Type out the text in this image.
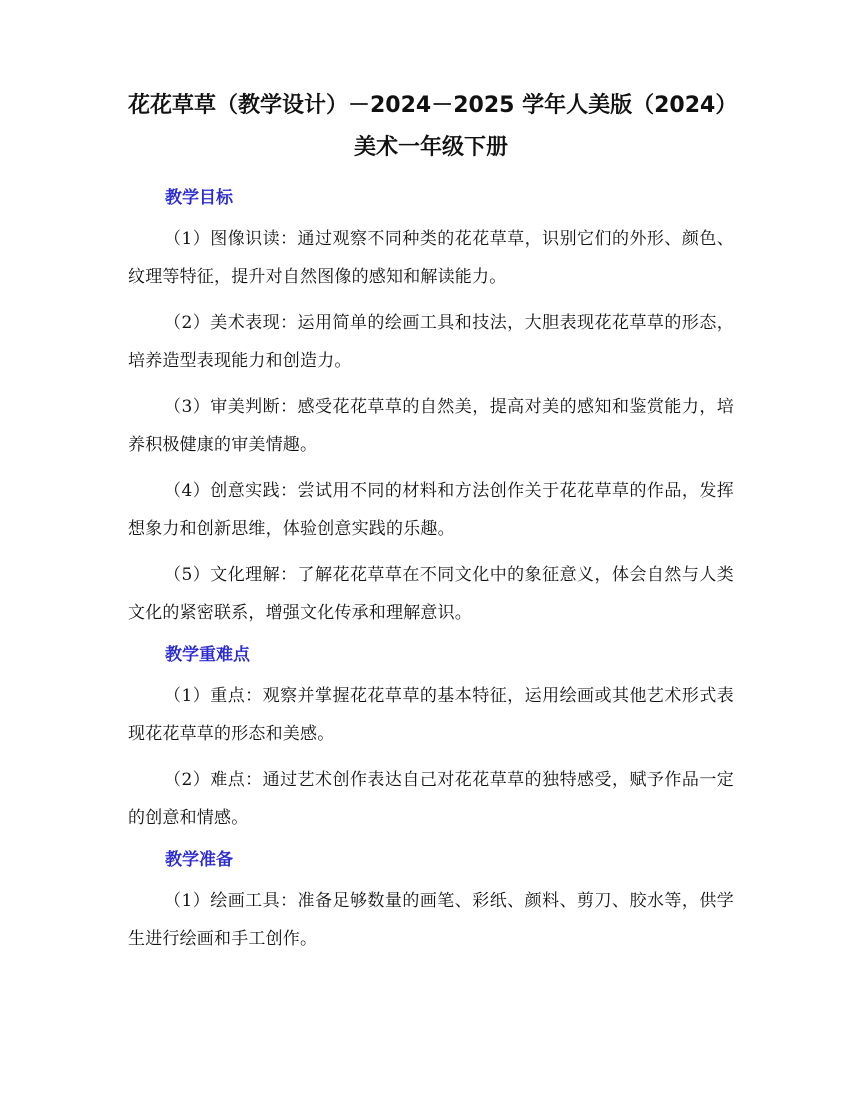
花花草草（教学设计）－2024－2025 学年人美版（2024）
美术一年级下册
教学目标

（1）图像识读：通过观察不同种类的花花草草，识别它们的外形、颜色、纹理等特征，提升对自然图像的感知和解读能力。

（2）美术表现：运用简单的绘画工具和技法，大胆表现花花草草的形态，培养造型表现能力和创造力。

（3）审美判断：感受花花草草的自然美，提高对美的感知和鉴赏能力，培养积极健康的审美情趣。

（4）创意实践：尝试用不同的材料和方法创作关于花花草草的作品，发挥想象力和创新思维，体验创意实践的乐趣。

（5）文化理解：了解花花草草在不同文化中的象征意义，体会自然与人类文化的紧密联系，增强文化传承和理解意识。

教学重难点

（1）重点：观察并掌握花花草草的基本特征，运用绘画或其他艺术形式表现花花草草的形态和美感。

（2）难点：通过艺术创作表达自己对花花草草的独特感受，赋予作品一定的创意和情感。

教学准备

（1）绘画工具：准备足够数量的画笔、彩纸、颜料、剪刀、胶水等，供学生进行绘画和手工创作。
